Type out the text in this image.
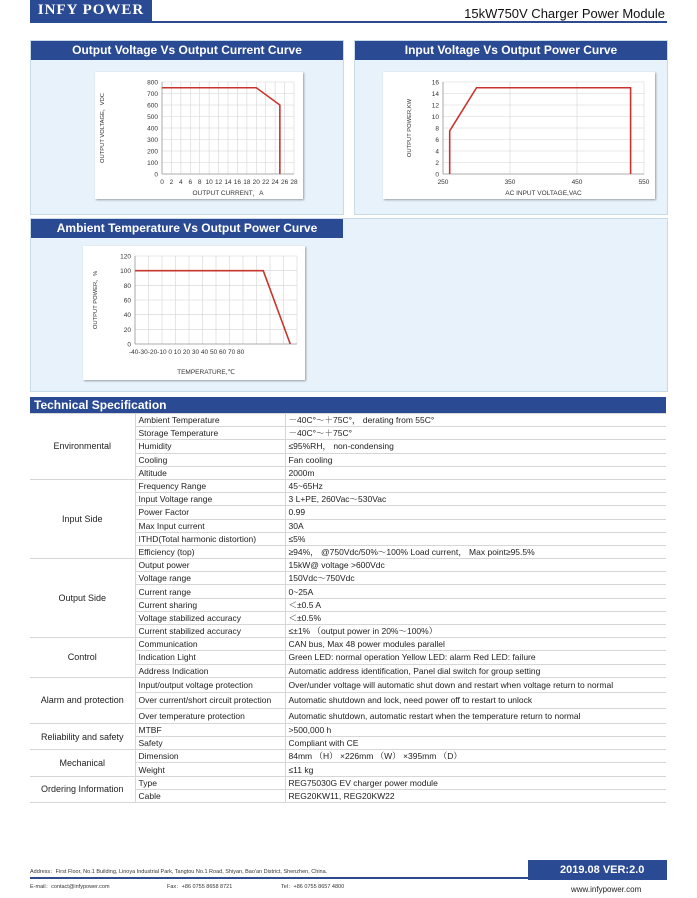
INFY POWER	15kW750V Charger Power Module
Output Voltage Vs Output Current Curve
0
100
200
300
400
500
600
700
800
0 2 4 6 8 10 12 14 16 18 20 22 24 26 28
OUTPUT CURRENT，A
OUTPUT VOLTAGE，VDC
Input Voltage Vs Output Power Curve
0
2
4
6
8
10
12
14
16
250	350	450	550
AC INPUT VOLTAGE,VAC
OUTPUT POWER,KW
Ambient Temperature Vs Output Power Curve
0
20
40
60
80
100
120
-40-30-20-10 0 10 20 30 40 50 60 70 80
TEMPERATURE,℃
OUTPUT POWER，%
Technical Specification
Environmental	Ambient Temperature	－40C°～＋75C°， derating from 55C°
	Storage Temperature	－40C°～＋75C°
	Humidity	≤95%RH， non-condensing
	Cooling	Fan cooling
	Altitude	2000m
Input Side	Frequency Range	45~65Hz
	Input Voltage range	3 L+PE, 260Vac～530Vac
	Power Factor	0.99
	Max Input current	30A
	ITHD(Total harmonic distortion)	≤5%
	Efficiency (top)	≥94%， @750Vdc/50%～100% Load current， Max point≥95.5%
Output Side	Output power	15kW@ voltage >600Vdc
	Voltage range	150Vdc～750Vdc
	Current range	0~25A
	Current sharing	＜±0.5 A
	Voltage stabilized accuracy	＜±0.5%
	Current stabilized accuracy	≤±1% （output power in 20%～100%）
Control	Communication	CAN bus, Max 48 power modules parallel
	Indication Light	Green LED: normal operation Yellow LED: alarm Red LED: failure
	Address Indication	Automatic address identification, Panel dial switch for group setting
Alarm and protection	Input/output voltage protection	Over/under voltage will automatic shut down and restart when voltage return to normal
	Over current/short circuit protection	Automatic shutdown and lock, need power off to restart to unlock
	Over temperature protection	Automatic shutdown, automatic restart when the temperature return to normal
Reliability and safety	MTBF	>500,000 h
	Safety	Compliant with CE
Mechanical	Dimension	84mm （H） ×226mm （W） ×395mm （D）
	Weight	≤11 kg
Ordering Information	Type	REG75030G EV charger power module
	Cable	REG20KW11, REG20KW22
Address：First Floor, No.1 Building, Linoya Industrial Park, Tangtou No.1 Road, Shiyan, Bao'an District, Shenzhen, China.
E-mail：contact@infypower.com	Fax：+86 0755 8658 8721	Tel：+86 0755 8657 4800
2019.08 VER:2.0
www.infypower.com
